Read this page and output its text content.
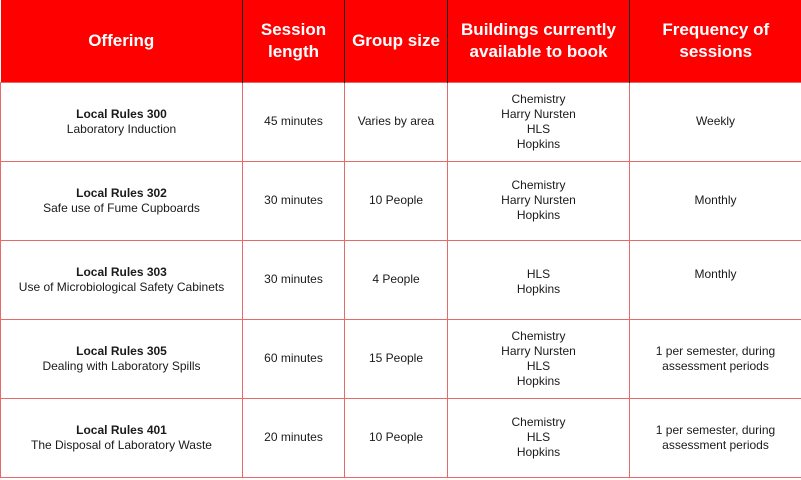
Offering	Session length	Group size	Buildings currently available to book	Frequency of sessions

Local Rules 300
Laboratory Induction	45 minutes	Varies by area	Chemistry
Harry Nursten
HLS
Hopkins	Weekly

Local Rules 302
Safe use of Fume Cupboards	30 minutes	10 People	Chemistry
Harry Nursten
Hopkins	Monthly

Local Rules 303
Use of Microbiological Safety Cabinets	30 minutes	4 People	HLS
Hopkins	Monthly

Local Rules 305
Dealing with Laboratory Spills	60 minutes	15 People	Chemistry
Harry Nursten
HLS
Hopkins	1 per semester, during
assessment periods

Local Rules 401
The Disposal of Laboratory Waste	20 minutes	10 People	Chemistry
HLS
Hopkins	1 per semester, during
assessment periods
